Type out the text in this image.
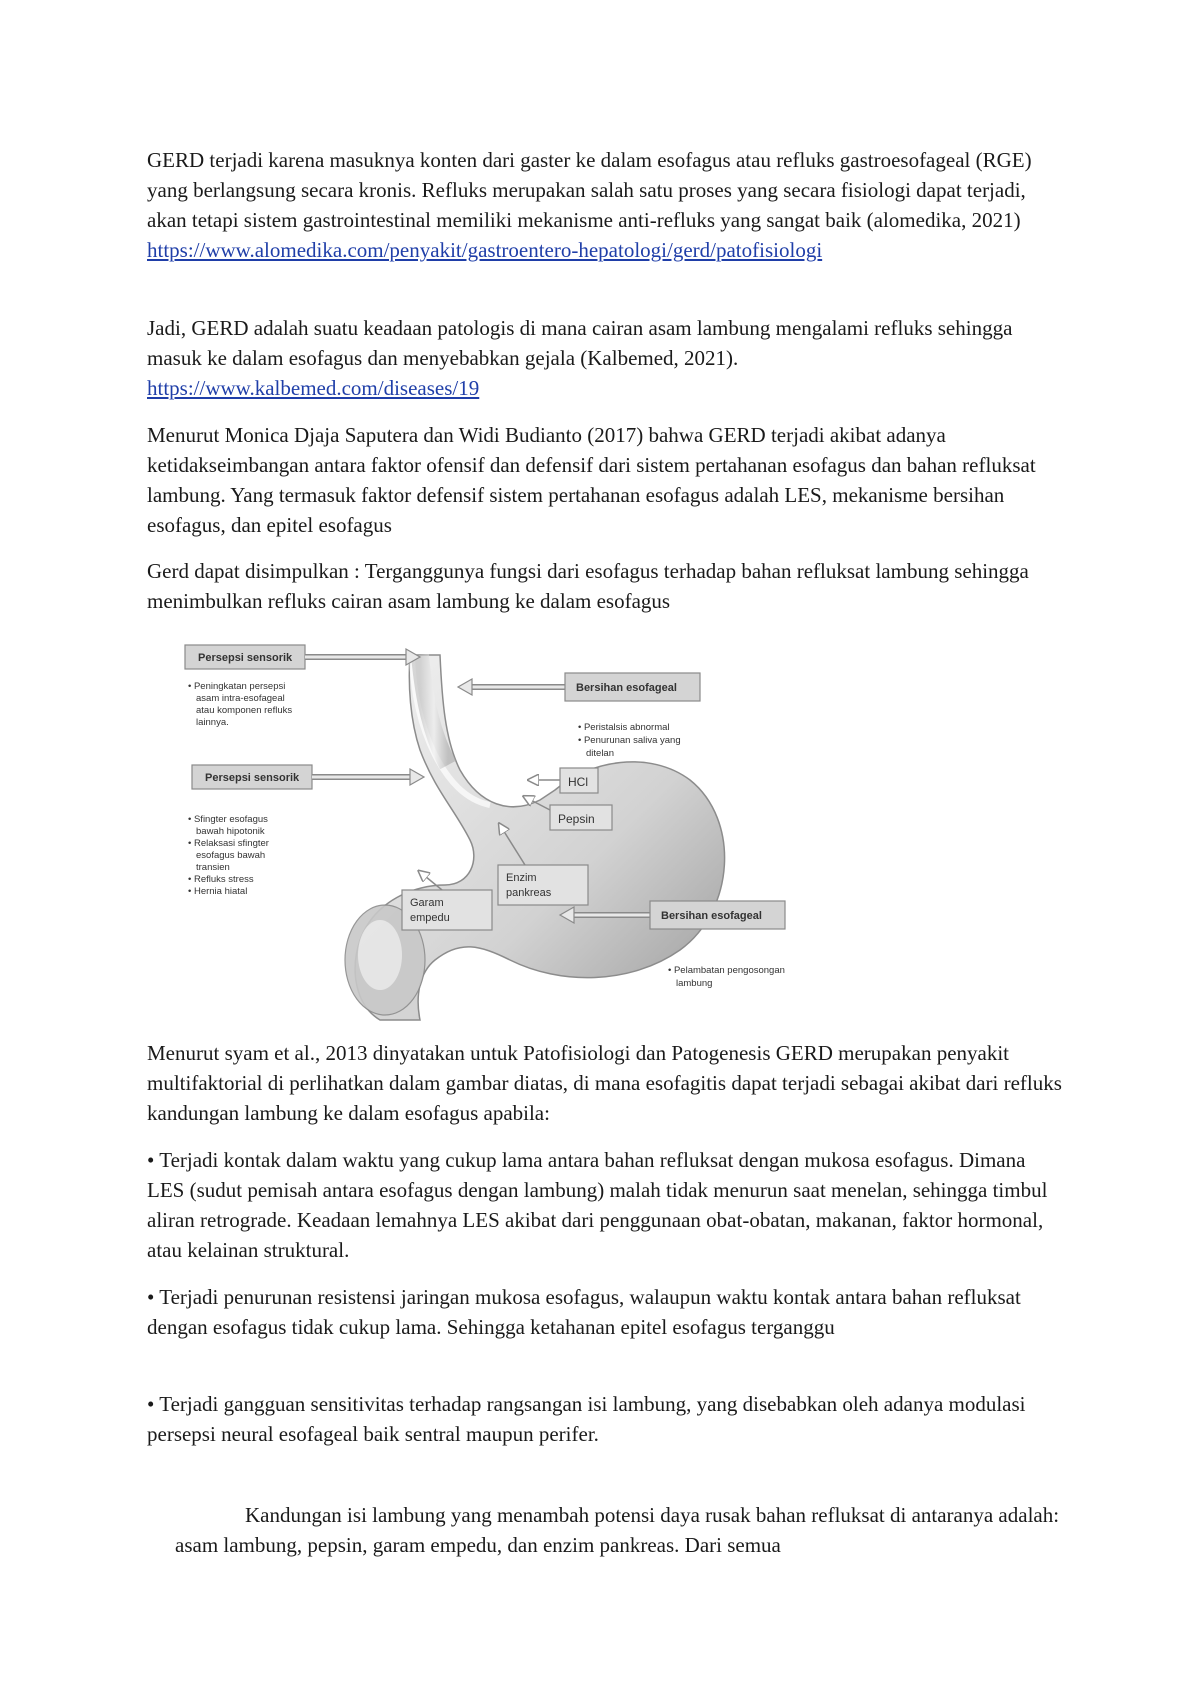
GERD terjadi karena masuknya konten dari gaster ke dalam esofagus atau refluks gastroesofageal (RGE) yang berlangsung secara kronis. Refluks merupakan salah satu proses yang secara fisiologi dapat terjadi, akan tetapi sistem gastrointestinal memiliki mekanisme anti-refluks yang sangat baik (alomedika, 2021)

https://www.alomedika.com/penyakit/gastroentero-hepatologi/gerd/patofisiologi

Jadi, GERD adalah suatu keadaan patologis di mana cairan asam lambung mengalami refluks sehingga masuk ke dalam esofagus dan menyebabkan gejala (Kalbemed, 2021).

https://www.kalbemed.com/diseases/19

Menurut Monica Djaja Saputera dan Widi Budianto (2017) bahwa GERD terjadi akibat adanya ketidakseimbangan antara faktor ofensif dan defensif dari sistem pertahanan esofagus dan bahan refluksat lambung. Yang termasuk faktor defensif sistem pertahanan esofagus adalah LES, mekanisme bersihan esofagus, dan epitel esofagus

Gerd dapat disimpulkan : Terganggunya fungsi dari esofagus terhadap bahan refluksat lambung sehingga menimbulkan refluks cairan asam lambung ke dalam esofagus

Persepsi sensorik
• Peningkatan persepsi
asam intra-esofageal
atau komponen refluks
lainnya.
Persepsi sensorik
• Sfingter esofagus
bawah hipotonik
• Relaksasi sfingter
esofagus bawah
transien
• Refluks stress
• Hernia hiatal
Bersihan esofageal
• Peristalsis abnormal
• Penurunan saliva yang
ditelan
HCl
Pepsin
Enzim
pankreas
Garam
empedu	Bersihan esofageal
• Pelambatan pengosongan
lambung

Menurut syam et al., 2013 dinyatakan untuk Patofisiologi dan Patogenesis GERD merupakan penyakit multifaktorial di perlihatkan dalam gambar diatas, di mana esofagitis dapat terjadi sebagai akibat dari refluks kandungan lambung ke dalam esofagus apabila:

• Terjadi kontak dalam waktu yang cukup lama antara bahan refluksat dengan mukosa esofagus. Dimana LES (sudut pemisah antara esofagus dengan lambung) malah tidak menurun saat menelan, sehingga timbul aliran retrograde. Keadaan lemahnya LES akibat dari penggunaan obat-obatan, makanan, faktor hormonal, atau kelainan struktural.

• Terjadi penurunan resistensi jaringan mukosa esofagus, walaupun waktu kontak antara bahan refluksat dengan esofagus tidak cukup lama. Sehingga ketahanan epitel esofagus terganggu

• Terjadi gangguan sensitivitas terhadap rangsangan isi lambung, yang disebabkan oleh adanya modulasi persepsi neural esofageal baik sentral maupun perifer.

Kandungan isi lambung yang menambah potensi daya rusak bahan refluksat di antaranya adalah: asam lambung, pepsin, garam empedu, dan enzim pankreas. Dari semua
